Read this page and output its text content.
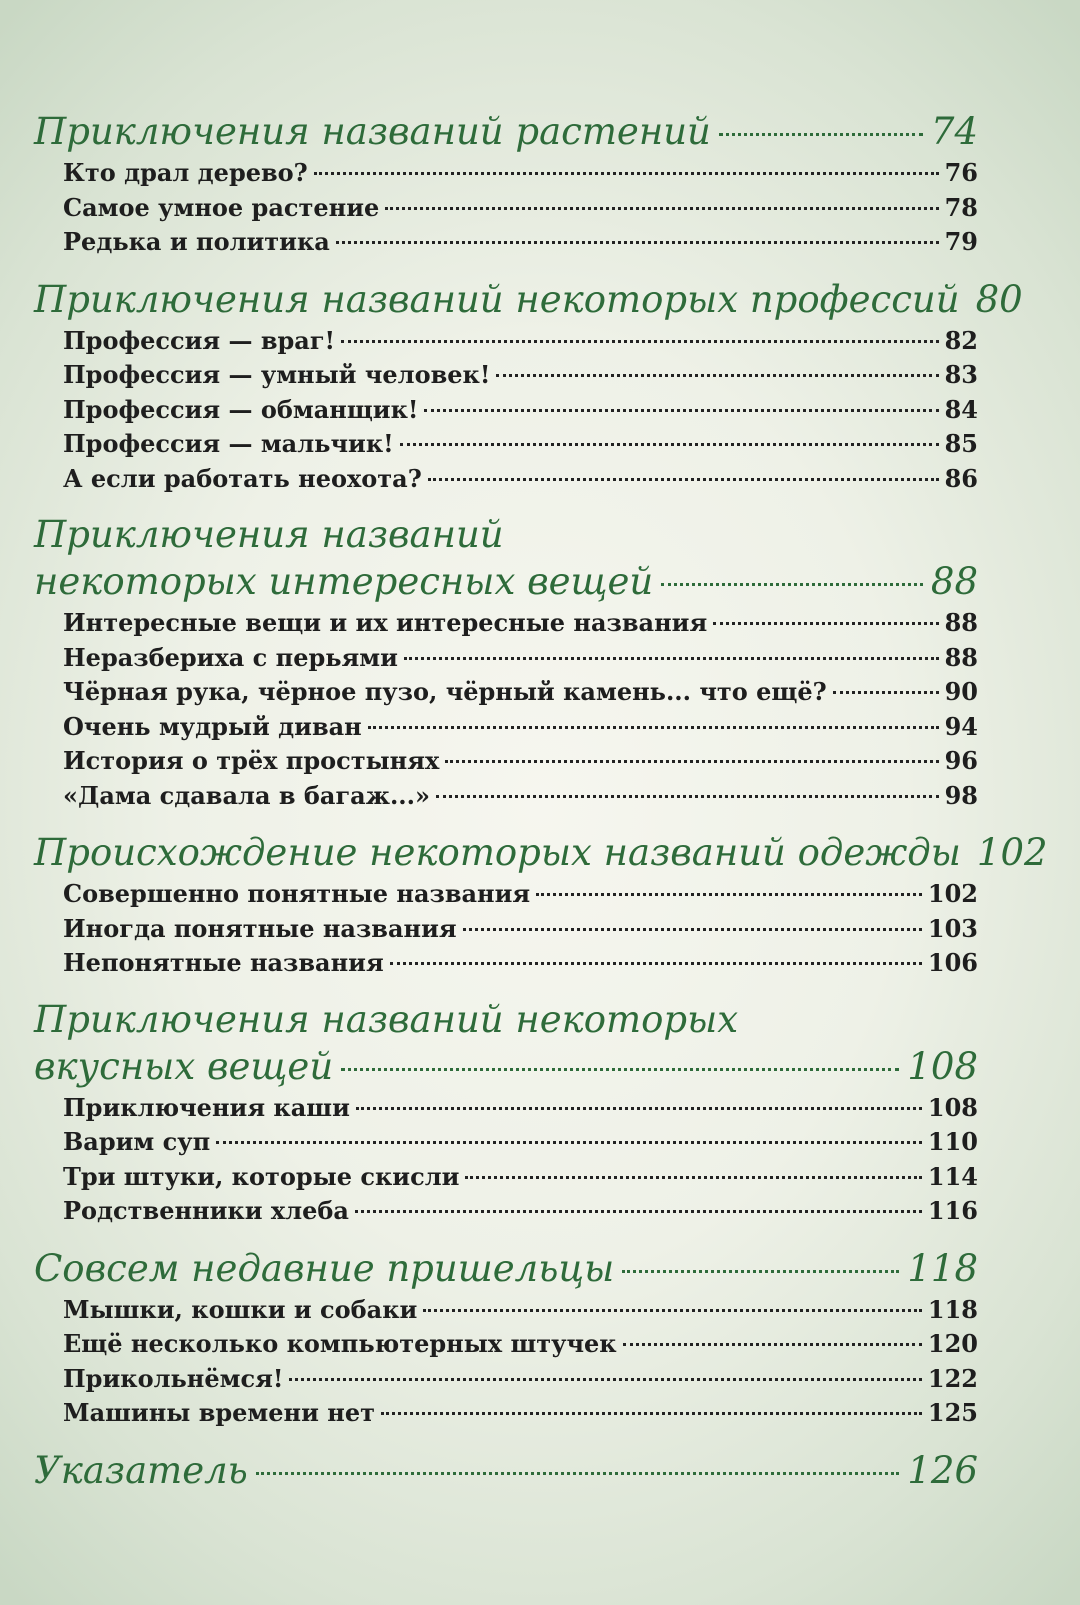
Приключения названий растений	74
Кто драл дерево?	76
Самое умное растение	78
Редька и политика	79
Приключения названий некоторых профессий 80
Профессия — враг!	82
Профессия — умный человек!	83
Профессия — обманщик!	84
Профессия — мальчик!	85
А если работать неохота?	86
Приключения названий
некоторых интересных вещей	88
Интересные вещи и их интересные названия	88
Неразбериха с перьями	88
Чёрная рука, чёрное пузо, чёрный камень... что ещё?	90
Очень мудрый диван	94
История о трёх простынях	96
«Дама сдавала в багаж...»	98
Происхождение некоторых названий одежды 102
Совершенно понятные названия	102
Иногда понятные названия	103
Непонятные названия	106
Приключения названий некоторых
вкусных вещей	108
Приключения каши	108
Варим суп	110
Три штуки, которые скисли	114
Родственники хлеба	116
Совсем недавние пришельцы	118
Мышки, кошки и собаки	118
Ещё несколько компьютерных штучек	120
Прикольнёмся!	122
Машины времени нет	125
Указатель	126
